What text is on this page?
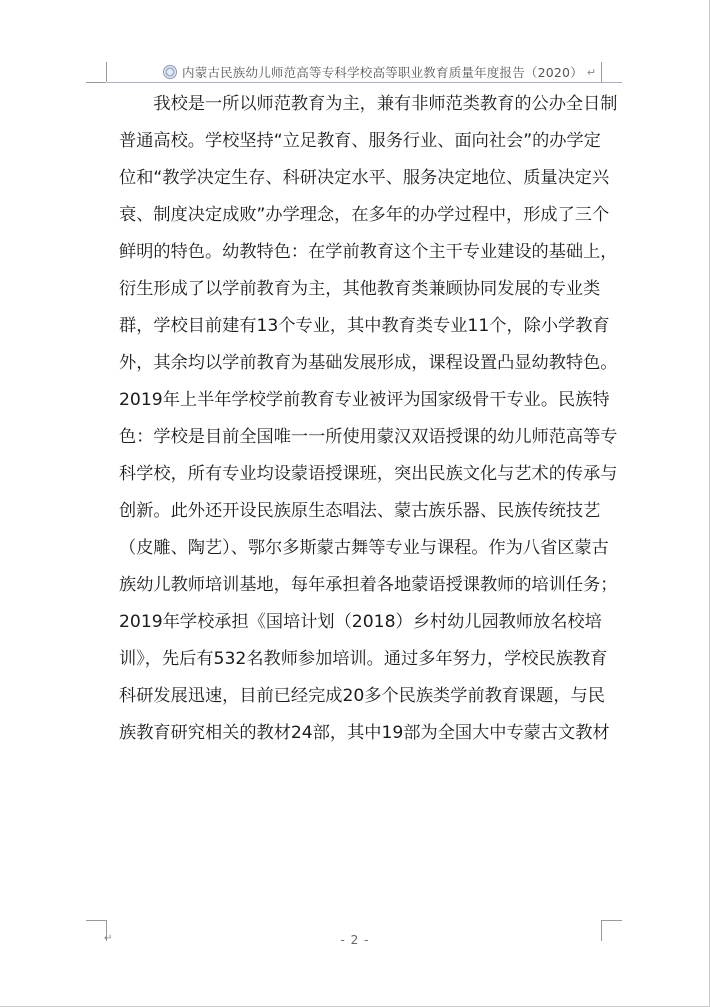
内蒙古民族幼儿师范高等专科学校高等职业教育质量年度报告（2020） ↵
　　我校是一所以师范教育为主，兼有非师范类教育的公办全日制
普通高校。学校坚持“立足教育、服务行业、面向社会”的办学定
位和“教学决定生存、科研决定水平、服务决定地位、质量决定兴
衰、制度决定成败”办学理念，在多年的办学过程中，形成了三个
鲜明的特色。幼教特色：在学前教育这个主干专业建设的基础上，
衍生形成了以学前教育为主，其他教育类兼顾协同发展的专业类
群，学校目前建有13个专业，其中教育类专业11个，除小学教育
外，其余均以学前教育为基础发展形成，课程设置凸显幼教特色。
2019年上半年学校学前教育专业被评为国家级骨干专业。民族特
色：学校是目前全国唯一一所使用蒙汉双语授课的幼儿师范高等专
科学校，所有专业均设蒙语授课班，突出民族文化与艺术的传承与
创新。此外还开设民族原生态唱法、蒙古族乐器、民族传统技艺
（皮雕、陶艺）、鄂尔多斯蒙古舞等专业与课程。作为八省区蒙古
族幼儿教师培训基地，每年承担着各地蒙语授课教师的培训任务；
2019年学校承担《国培计划（2018）乡村幼儿园教师放名校培
训》，先后有532名教师参加培训。通过多年努力，学校民族教育
科研发展迅速，目前已经完成20多个民族类学前教育课题，与民
族教育研究相关的教材24部，其中19部为全国大中专蒙古文教材
↵	- 2 -
